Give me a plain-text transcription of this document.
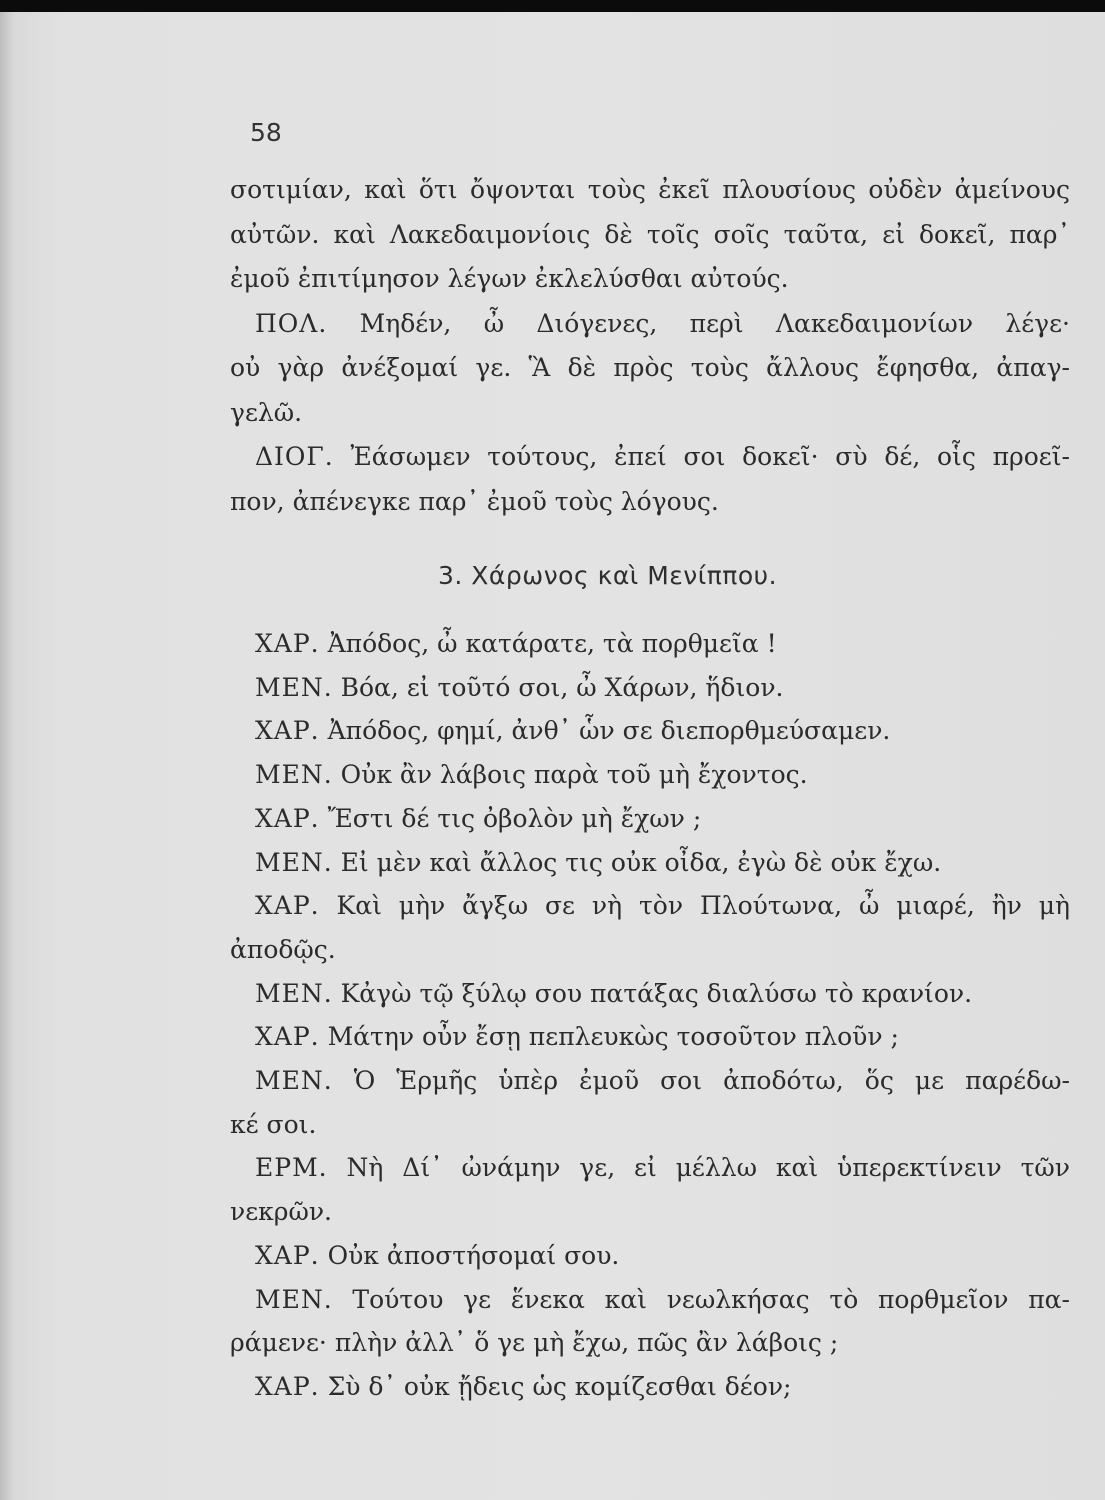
58
σοτιμίαν, καὶ ὅτι ὄψονται τοὺς ἐκεῖ πλουσίους οὐδὲν ἀμείνους
αὐτῶν. καὶ Λακεδαιμονίοις δὲ τοῖς σοῖς ταῦτα, εἰ δοκεῖ, παρ᾽
ἐμοῦ ἐπιτίμησον λέγων ἐκλελύσθαι αὐτούς.
ΠΟΛ. Μηδέν, ὦ Διόγενες, περὶ Λακεδαιμονίων λέγε·
οὐ γὰρ ἀνέξομαί γε. Ἃ δὲ πρὸς τοὺς ἄλλους ἔφησθα, ἀπαγ-
γελῶ.
ΔΙΟΓ. Ἐάσωμεν τούτους, ἐπεί σοι δοκεῖ· σὺ δέ, οἷς προεῖ-
πον, ἀπένεγκε παρ᾽ ἐμοῦ τοὺς λόγους.
3. Χάρωνος καὶ Μενίππου.
ΧΑΡ. Ἀπόδος, ὦ κατάρατε, τὰ πορθμεῖα !
ΜΕΝ. Βόα, εἰ τοῦτό σοι, ὦ Χάρων, ἥδιον.
ΧΑΡ. Ἀπόδος, φημί, ἀνθ᾽ ὧν σε διεπορθμεύσαμεν.
ΜΕΝ. Οὐκ ἂν λάβοις παρὰ τοῦ μὴ ἔχοντος.
ΧΑΡ. Ἔστι δέ τις ὀβολὸν μὴ ἔχων ;
ΜΕΝ. Εἰ μὲν καὶ ἄλλος τις οὐκ οἶδα, ἐγὼ δὲ οὐκ ἔχω.
ΧΑΡ. Καὶ μὴν ἄγξω σε νὴ τὸν Πλούτωνα, ὦ μιαρέ, ἢν μὴ
ἀποδῷς.
ΜΕΝ. Κἀγὼ τῷ ξύλῳ σου πατάξας διαλύσω τὸ κρανίον.
ΧΑΡ. Μάτην οὖν ἔσῃ πεπλευκὼς τοσοῦτον πλοῦν ;
ΜΕΝ. Ὁ Ἑρμῆς ὑπὲρ ἐμοῦ σοι ἀποδότω, ὅς με παρέδω-
κέ σοι.
ΕΡΜ. Νὴ Δί᾽ ὠνάμην γε, εἰ μέλλω καὶ ὑπερεκτίνειν τῶν
νεκρῶν.
ΧΑΡ. Οὐκ ἀποστήσομαί σου.
ΜΕΝ. Τούτου γε ἕνεκα καὶ νεωλκήσας τὸ πορθμεῖον πα-
ράμενε· πλὴν ἀλλ᾽ ὅ γε μὴ ἔχω, πῶς ἂν λάβοις ;
ΧΑΡ. Σὺ δ᾽ οὐκ ᾔδεις ὡς κομίζεσθαι δέον;
